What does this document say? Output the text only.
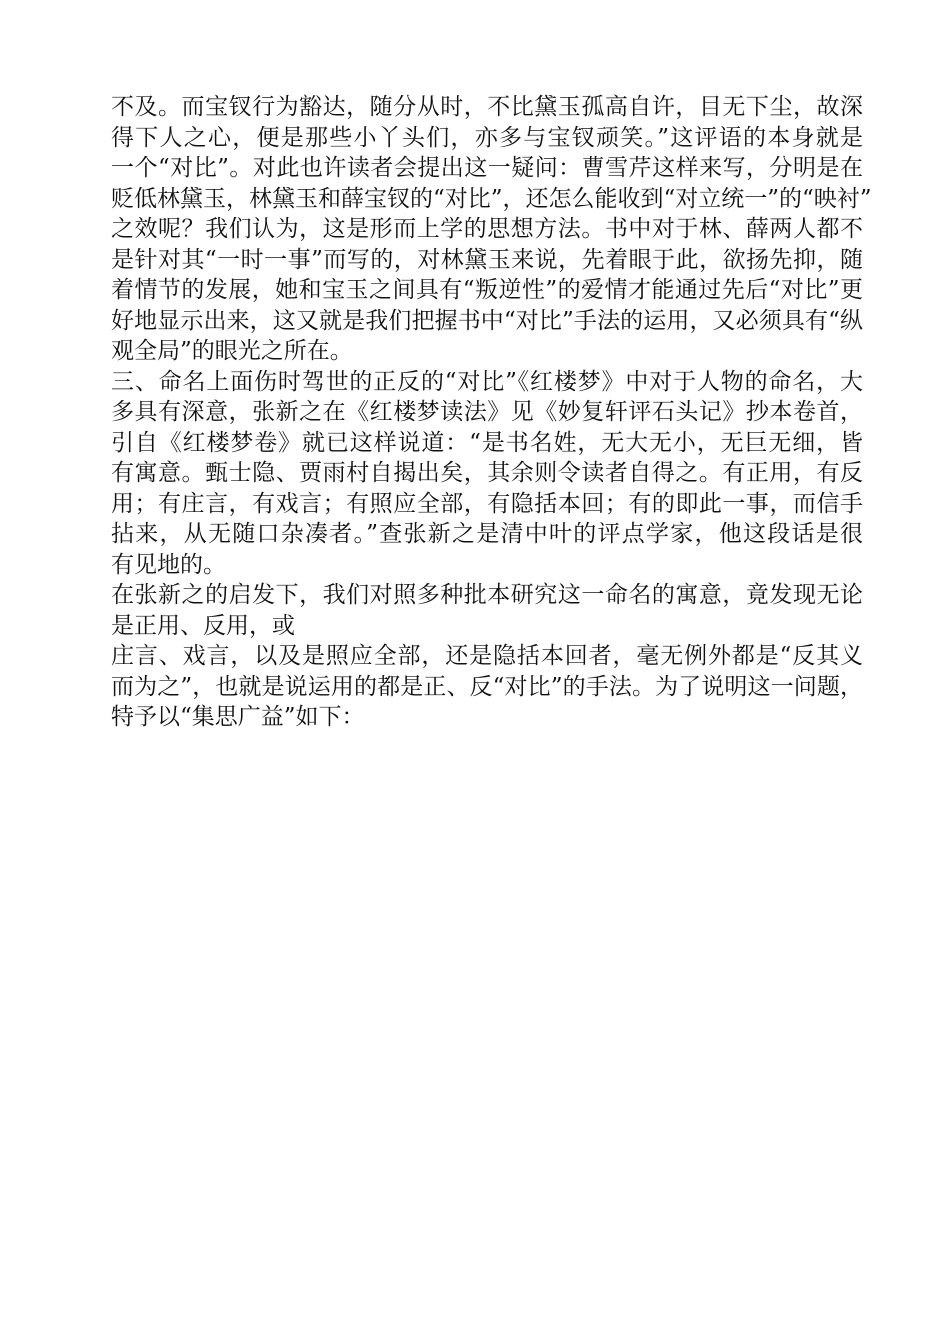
不及。而宝钗行为豁达，随分从时，不比黛玉孤高自许，目无下尘，故深
得下人之心，便是那些小丫头们，亦多与宝钗顽笑。”这评语的本身就是
一个“对比”。对此也许读者会提出这一疑问：曹雪芹这样来写，分明是在
贬低林黛玉，林黛玉和薛宝钗的“对比”，还怎么能收到“对立统一”的“映衬”
之效呢？我们认为，这是形而上学的思想方法。书中对于林、薛两人都不
是针对其“一时一事”而写的，对林黛玉来说，先着眼于此，欲扬先抑，随
着情节的发展，她和宝玉之间具有“叛逆性”的爱情才能通过先后“对比”更
好地显示出来，这又就是我们把握书中“对比”手法的运用，又必须具有“纵
观全局”的眼光之所在。
三、命名上面伤时驾世的正反的“对比”《红楼梦》中对于人物的命名，大
多具有深意，张新之在《红楼梦读法》见《妙复轩评石头记》抄本卷首，
引自《红楼梦卷》就已这样说道：“是书名姓，无大无小，无巨无细，皆
有寓意。甄士隐、贾雨村自揭出矣，其余则令读者自得之。有正用，有反
用；有庄言，有戏言；有照应全部，有隐括本回；有的即此一事，而信手
拈来，从无随口杂凑者。”查张新之是清中叶的评点学家，他这段话是很
有见地的。
在张新之的启发下，我们对照多种批本研究这一命名的寓意，竟发现无论
是正用、反用，或
庄言、戏言，以及是照应全部，还是隐括本回者，毫无例外都是“反其义
而为之”，也就是说运用的都是正、反“对比”的手法。为了说明这一问题，
特予以“集思广益”如下：
